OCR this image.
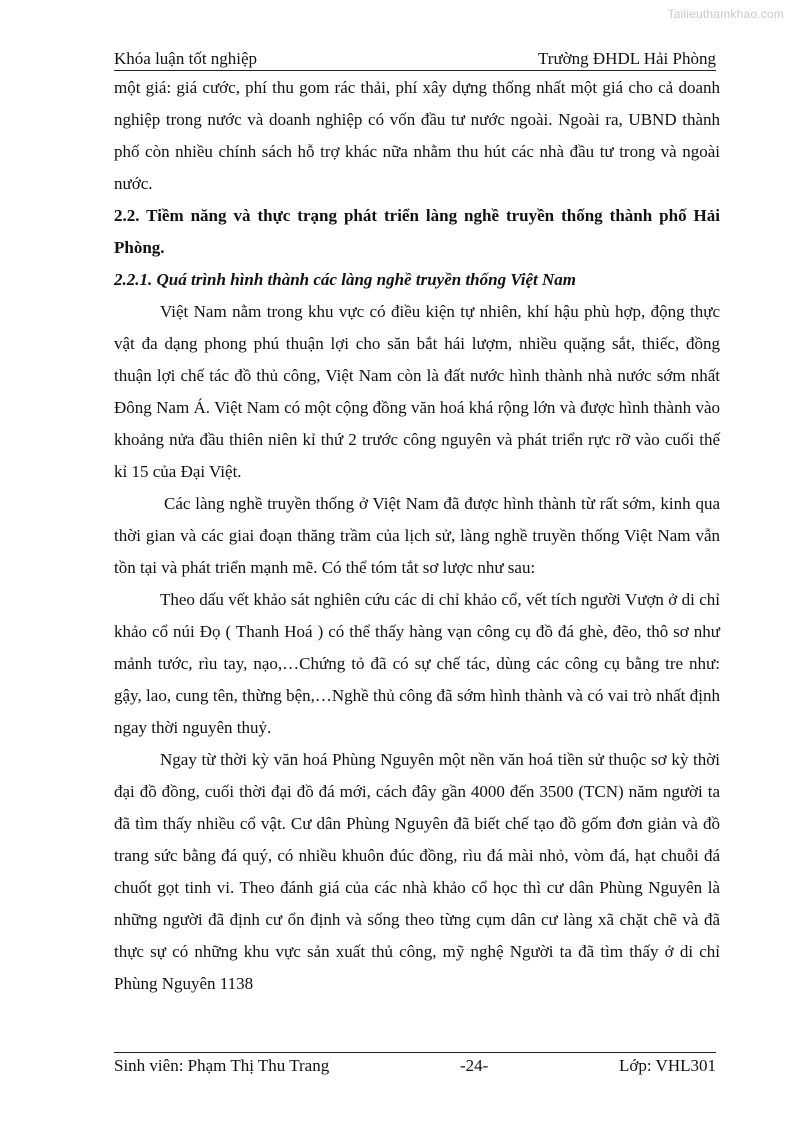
Tailieuthamkhao.com
Khóa luận tốt nghiệp	Trường ĐHDL Hải Phòng

một giá: giá cước, phí thu gom rác thải, phí xây dựng thống nhất một giá cho cả doanh nghiệp trong nước và doanh nghiệp có vốn đầu tư nước ngoài. Ngoài ra, UBND thành phố còn nhiều chính sách hỗ trợ khác nữa nhằm thu hút các nhà đầu tư trong và ngoài nước.

2.2. Tiềm năng và thực trạng phát triển làng nghề truyền thống thành phố Hải Phòng.

2.2.1. Quá trình hình thành các làng nghề truyền thống Việt Nam

Việt Nam nằm trong khu vực có điều kiện tự nhiên, khí hậu phù hợp, động thực vật đa dạng phong phú thuận lợi cho săn bắt hái lượm, nhiều quặng sắt, thiếc, đồng thuận lợi chế tác đồ thủ công, Việt Nam còn là đất nước hình thành nhà nước sớm nhất Đông Nam Á. Việt Nam có một cộng đồng văn hoá khá rộng lớn và được hình thành vào khoảng nửa đầu thiên niên kỉ thứ 2 trước công nguyên và phát triển rực rỡ vào cuối thế kỉ 15 của Đại Việt.

Các làng nghề truyền thống ở Việt Nam đã được hình thành từ rất sớm, kinh qua thời gian và các giai đoạn thăng trầm của lịch sử, làng nghề truyền thống Việt Nam vẫn tồn tại và phát triển mạnh mẽ. Có thể tóm tắt sơ lược như sau:

Theo dấu vết khảo sát nghiên cứu các di chỉ khảo cổ, vết tích người Vượn ở di chỉ khảo cổ núi Đọ ( Thanh Hoá ) có thể thấy hàng vạn công cụ đồ đá ghè, đẽo, thô sơ như mảnh tước, rìu tay, nạo,…Chứng tỏ đã có sự chế tác, dùng các công cụ bằng tre như: gậy, lao, cung tên, thừng bện,…Nghề thủ công đã sớm hình thành và có vai trò nhất định ngay thời nguyên thuỷ.

Ngay từ thời kỳ văn hoá Phùng Nguyên một nền văn hoá tiền sử thuộc sơ kỳ thời đại đồ đồng, cuối thời đại đồ đá mới, cách đây gần 4000 đến 3500 (TCN) năm người ta đã tìm thấy nhiều cổ vật. Cư dân Phùng Nguyên đã biết chế tạo đồ gốm đơn giản và đồ trang sức bằng đá quý, có nhiều khuôn đúc đồng, rìu đá mài nhỏ, vòm đá, hạt chuỗi đá chuốt gọt tinh vi. Theo đánh giá của các nhà khảo cổ học thì cư dân Phùng Nguyên là những người đã định cư ổn định và sống theo từng cụm dân cư làng xã chặt chẽ và đã thực sự có những khu vực sản xuất thủ công, mỹ nghệ Người ta đã tìm thấy ở di chỉ Phùng Nguyên 1138

Sinh viên: Phạm Thị Thu Trang	-24-	Lớp: VHL301
